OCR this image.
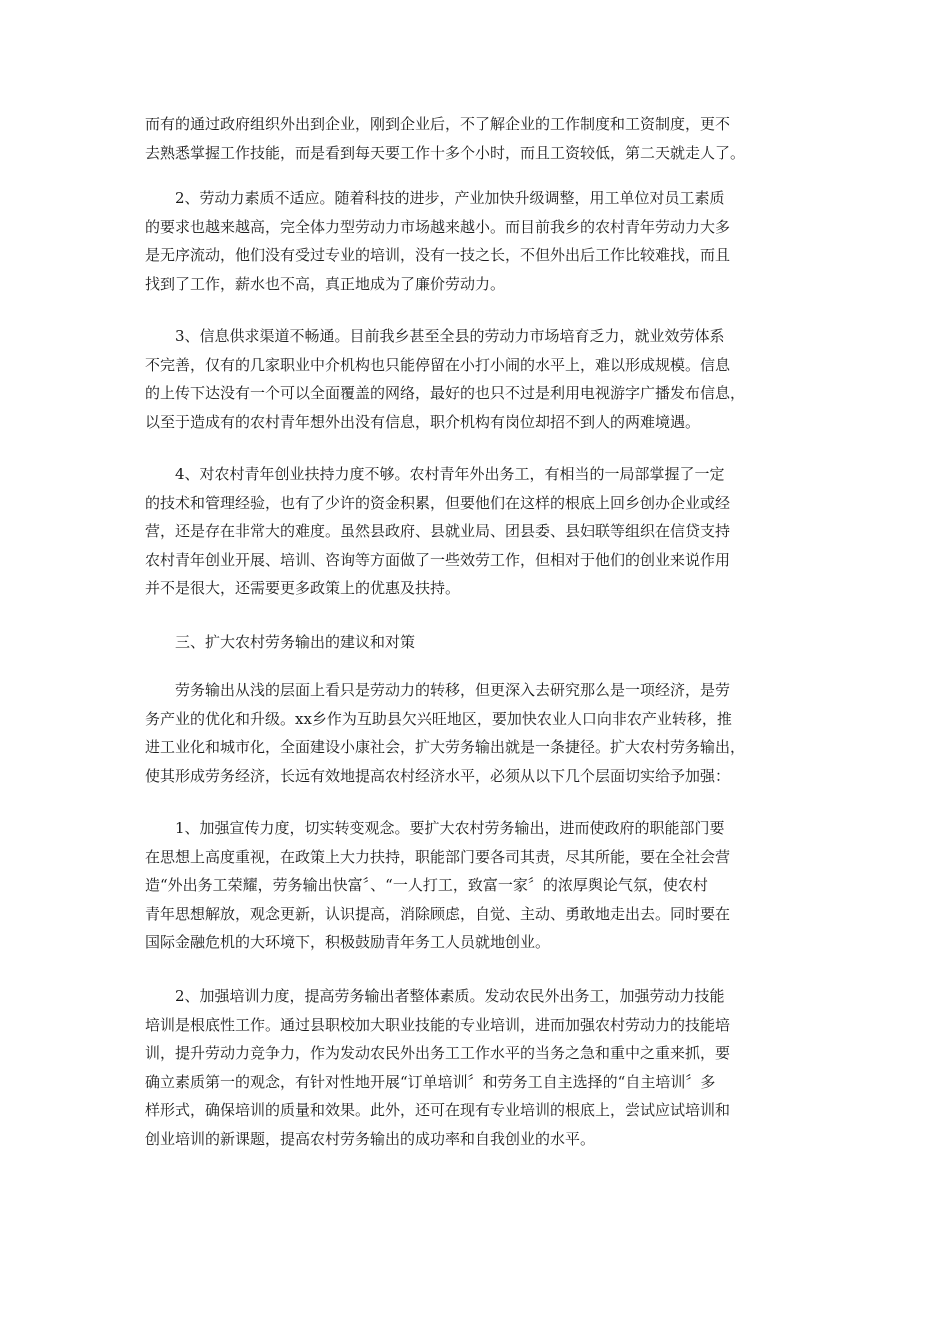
而有的通过政府组织外出到企业，刚到企业后，不了解企业的工作制度和工资制度，更不
去熟悉掌握工作技能，而是看到每天要工作十多个小时，而且工资较低，第二天就走人了。
2、劳动力素质不适应。随着科技的进步，产业加快升级调整，用工单位对员工素质
的要求也越来越高，完全体力型劳动力市场越来越小。而目前我乡的农村青年劳动力大多
是无序流动，他们没有受过专业的培训，没有一技之长，不但外出后工作比较难找，而且
找到了工作，薪水也不高，真正地成为了廉价劳动力。
3、信息供求渠道不畅通。目前我乡甚至全县的劳动力市场培育乏力，就业效劳体系
不完善，仅有的几家职业中介机构也只能停留在小打小闹的水平上，难以形成规模。信息
的上传下达没有一个可以全面覆盖的网络，最好的也只不过是利用电视游字广播发布信息，
以至于造成有的农村青年想外出没有信息，职介机构有岗位却招不到人的两难境遇。
4、对农村青年创业扶持力度不够。农村青年外出务工，有相当的一局部掌握了一定
的技术和管理经验，也有了少许的资金积累，但要他们在这样的根底上回乡创办企业或经
营，还是存在非常大的难度。虽然县政府、县就业局、团县委、县妇联等组织在信贷支持
农村青年创业开展、培训、咨询等方面做了一些效劳工作，但相对于他们的创业来说作用
并不是很大，还需要更多政策上的优惠及扶持。
三、扩大农村劳务输出的建议和对策
劳务输出从浅的层面上看只是劳动力的转移，但更深入去研究那么是一项经济，是劳
务产业的优化和升级。xx乡作为互助县欠兴旺地区，要加快农业人口向非农产业转移，推
进工业化和城市化，全面建设小康社会，扩大劳务输出就是一条捷径。扩大农村劳务输出，
使其形成劳务经济，长远有效地提高农村经济水平，必须从以下几个层面切实给予加强：
1、加强宣传力度，切实转变观念。要扩大农村劳务输出，进而使政府的职能部门要
在思想上高度重视，在政策上大力扶持，职能部门要各司其责，尽其所能，要在全社会营
造“外出务工荣耀，劳务输出快富〞、“一人打工，致富一家〞的浓厚舆论气氛，使农村
青年思想解放，观念更新，认识提高，消除顾虑，自觉、主动、勇敢地走出去。同时要在
国际金融危机的大环境下，积极鼓励青年务工人员就地创业。
2、加强培训力度，提高劳务输出者整体素质。发动农民外出务工，加强劳动力技能
培训是根底性工作。通过县职校加大职业技能的专业培训，进而加强农村劳动力的技能培
训，提升劳动力竞争力，作为发动农民外出务工工作水平的当务之急和重中之重来抓，要
确立素质第一的观念，有针对性地开展“订单培训〞和劳务工自主选择的“自主培训〞多
样形式，确保培训的质量和效果。此外，还可在现有专业培训的根底上，尝试应试培训和
创业培训的新课题，提高农村劳务输出的成功率和自我创业的水平。
